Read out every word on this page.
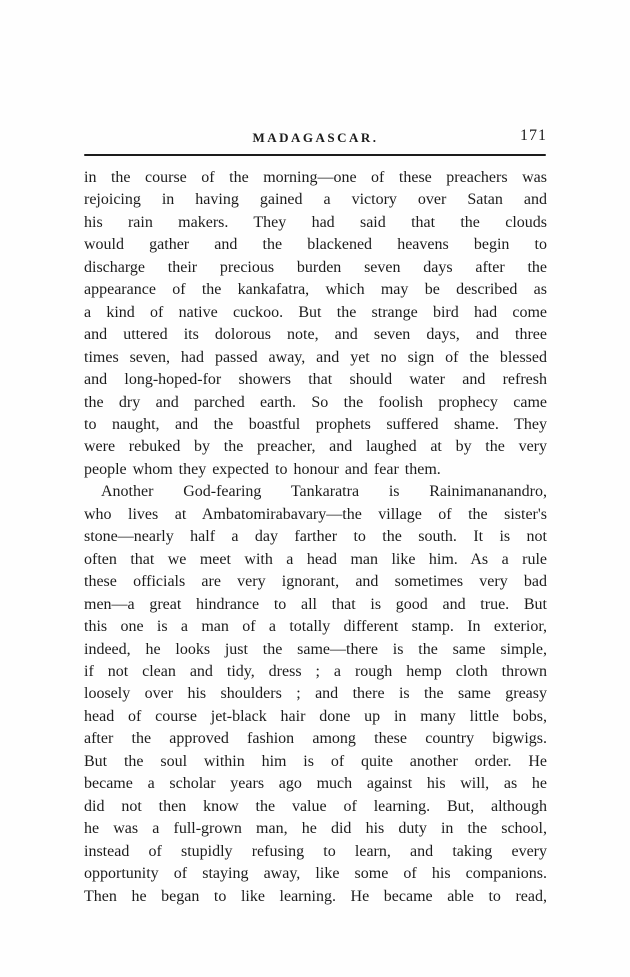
MADAGASCAR.	171
in the course of the morning—one of these preachers was
rejoicing in having gained a victory over Satan and
his rain makers. They had said that the clouds
would gather and the blackened heavens begin to
discharge their precious burden seven days after the
appearance of the kankafatra, which may be described as
a kind of native cuckoo. But the strange bird had come
and uttered its dolorous note, and seven days, and three
times seven, had passed away, and yet no sign of the blessed
and long-hoped-for showers that should water and refresh
the dry and parched earth. So the foolish prophecy came
to naught, and the boastful prophets suffered shame. They
were rebuked by the preacher, and laughed at by the very
people whom they expected to honour and fear them.
Another God-fearing Tankaratra is Rainimananandro,
who lives at Ambatomirabavary—the village of the sister's
stone—nearly half a day farther to the south. It is not
often that we meet with a head man like him. As a rule
these officials are very ignorant, and sometimes very bad
men—a great hindrance to all that is good and true. But
this one is a man of a totally different stamp. In exterior,
indeed, he looks just the same—there is the same simple,
if not clean and tidy, dress ; a rough hemp cloth thrown
loosely over his shoulders ; and there is the same greasy
head of course jet-black hair done up in many little bobs,
after the approved fashion among these country bigwigs.
But the soul within him is of quite another order. He
became a scholar years ago much against his will, as he
did not then know the value of learning. But, although
he was a full-grown man, he did his duty in the school,
instead of stupidly refusing to learn, and taking every
opportunity of staying away, like some of his companions.
Then he began to like learning. He became able to read,
